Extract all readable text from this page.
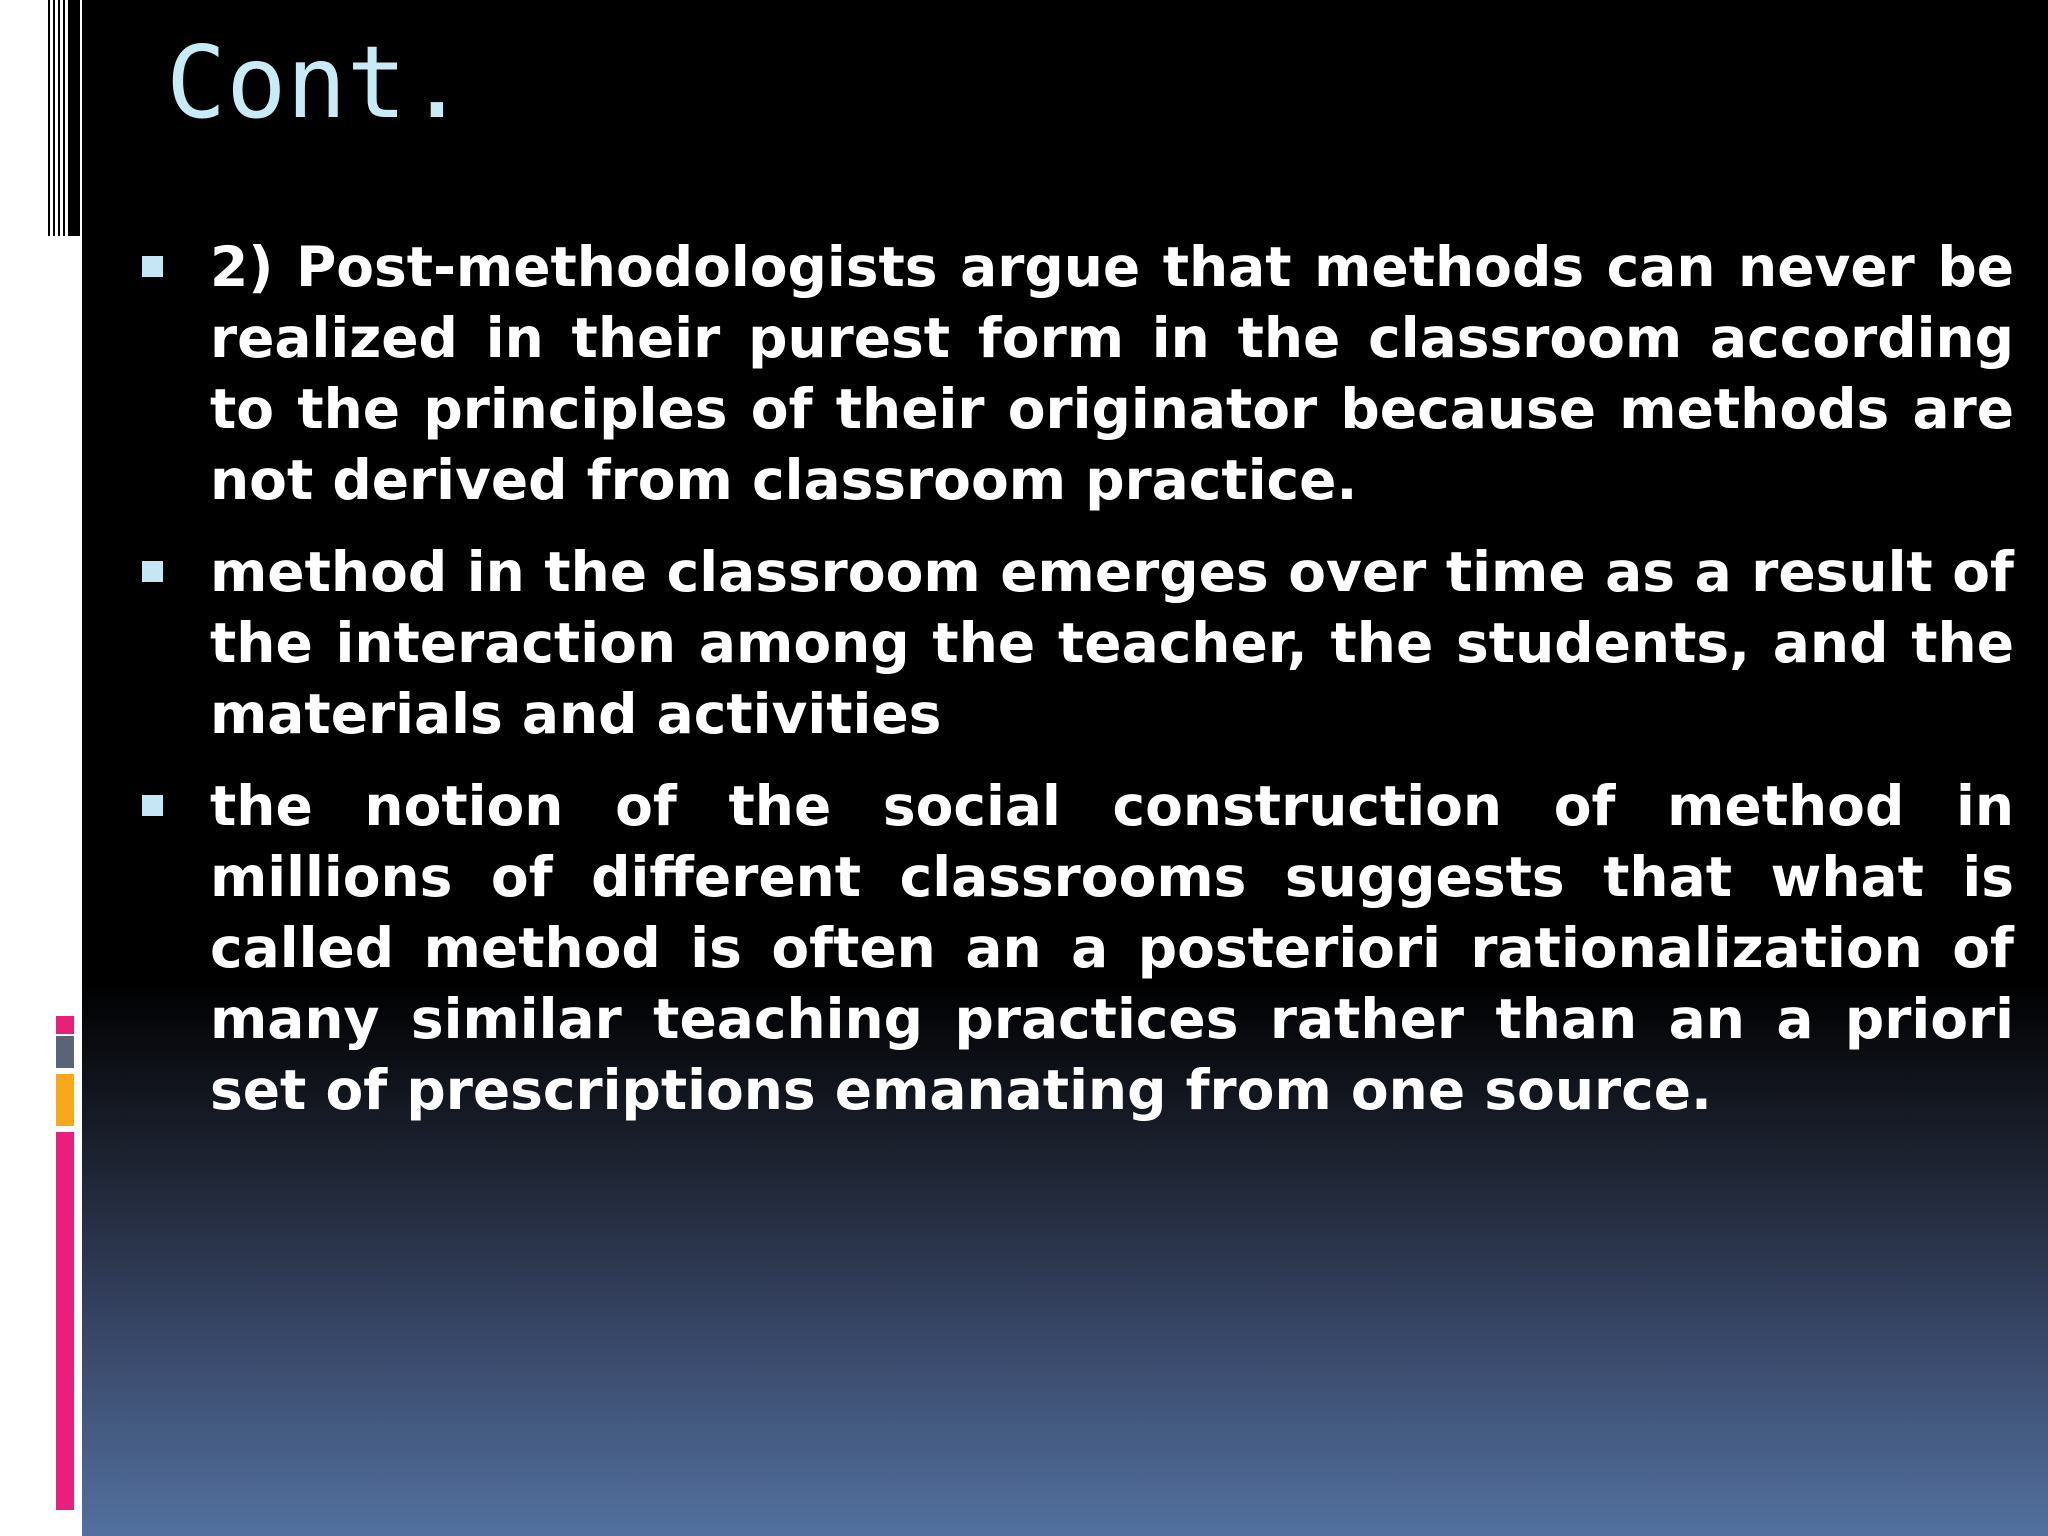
Cont.
2) Post-methodologists argue that methods can never be realized in their purest form in the classroom according to the principles of their originator because methods are not derived from classroom practice.
method in the classroom emerges over time as a result of the interaction among the teacher, the students, and the materials and activities
the notion of the social construction of method in millions of different classrooms suggests that what is called method is often an a posteriori rationalization of many similar teaching practices rather than an a priori set of prescriptions emanating from one source.
